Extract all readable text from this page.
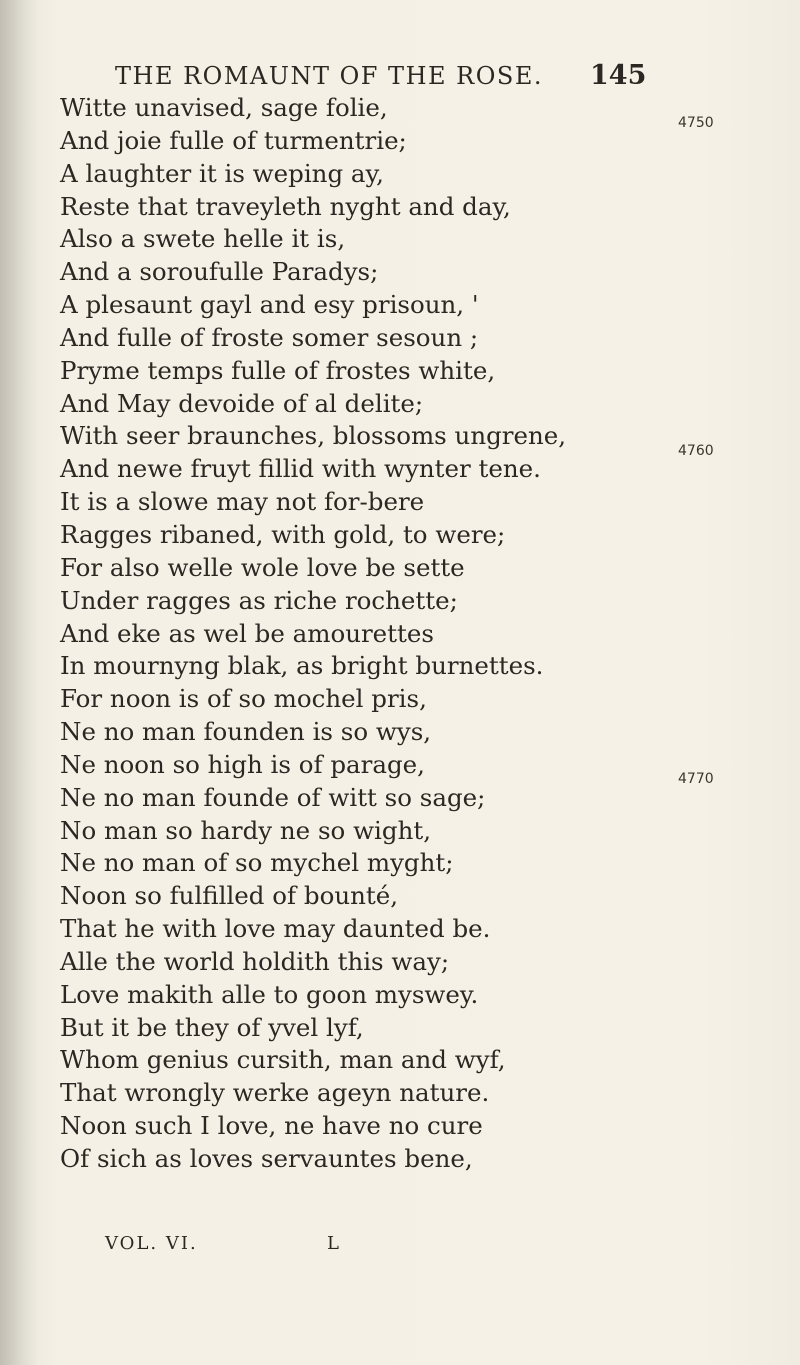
THE ROMAUNT OF THE ROSE. 145
Witte unavised, sage folie,
And joie fulle of turmentrie;
A laughter it is weping ay,
Reste that traveyleth nyght and day,
Also a swete helle it is,
And a soroufulle Paradys;
A plesaunt gayl and esy prisoun, '
And fulle of froste somer sesoun ;
Pryme temps fulle of frostes white,
And May devoide of al delite;
With seer braunches, blossoms ungrene,
And newe fruyt fillid with wynter tene.
It is a slowe may not for-bere
Ragges ribaned, with gold, to were;
For also welle wole love be sette
Under ragges as riche rochette;
And eke as wel be amourettes
In mournyng blak, as bright burnettes.
For noon is of so mochel pris,
Ne no man founden is so wys,
Ne noon so high is of parage,
Ne no man founde of witt so sage;
No man so hardy ne so wight,
Ne no man of so mychel myght;
Noon so fulfilled of bounté,
That he with love may daunted be.
Alle the world holdith this way;
Love makith alle to goon myswey.
But it be they of yvel lyf,
Whom genius cursith, man and wyf,
That wrongly werke ageyn nature.
Noon such I love, ne have no cure
Of sich as loves servauntes bene,
4750
4760
4770
VOL. VI.	L
